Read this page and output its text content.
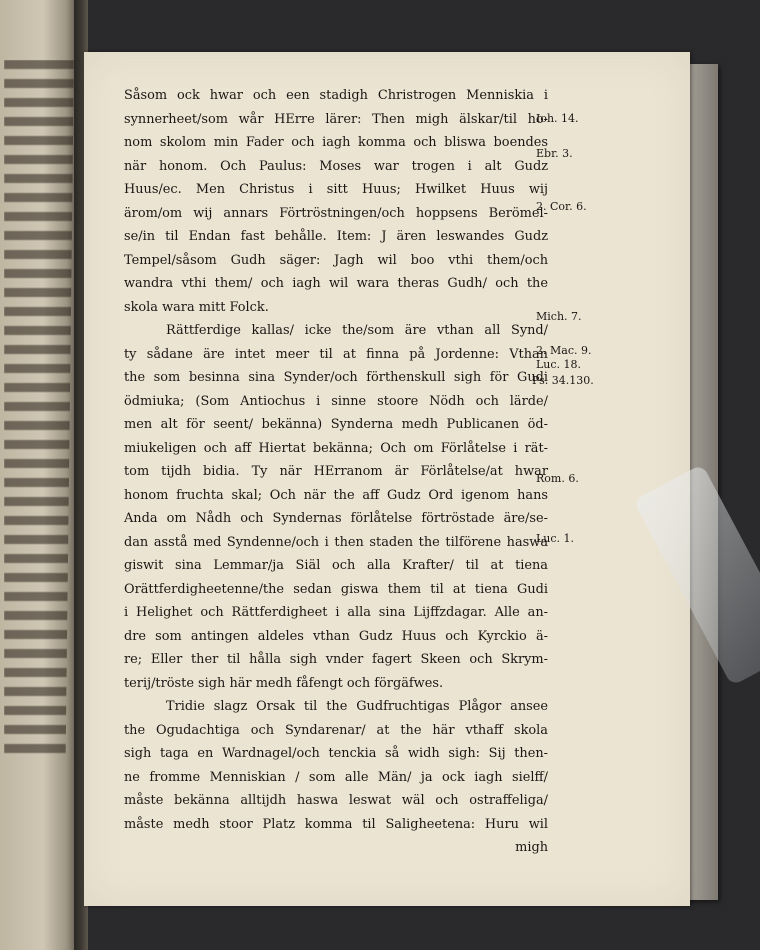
Såsom ock hwar och een stadigh Christrogen Menniskia i
synnerheet/som wår HErre lärer: Then migh älskar/til ho-
nom skolom min Fader och iagh komma och bliswa boendes
när honom. Och Paulus: Moses war trogen i alt Gudz
Huus/ec. Men Christus i sitt Huus; Hwilket Huus wij
ärom/om wij annars Förtröstningen/och hoppsens Berömel-
se/in til Endan fast behålle. Item: J ären leswandes Gudz
Tempel/såsom Gudh säger: Jagh wil boo vthi them/och
wandra vthi them/ och iagh wil wara theras Gudh/ och the
skola wara mitt Folck.
Rättferdige kallas/ icke the/som äre vthan all Synd/
ty sådane äre intet meer til at finna på Jordenne: Vthan
the som besinna sina Synder/och förthenskull sigh för Gudi
ödmiuka; (Som Antiochus i sinne stoore Nödh och lärde/
men alt för seent/ bekänna) Synderna medh Publicanen öd-
miukeligen och aff Hiertat bekänna; Och om Förlåtelse i rät-
tom tijdh bidia. Ty när HErranom är Förlåtelse/at hwar
honom fruchta skal; Och när the aff Gudz Ord igenom hans
Anda om Nådh och Syndernas förlåtelse förtröstade äre/se-
dan asstå med Syndenne/och i then staden the tilförene haswa
giswit sina Lemmar/ja Siäl och alla Krafter/ til at tiena
Orättferdigheetenne/the sedan giswa them til at tiena Gudi
i Helighet och Rättferdigheet i alla sina Lijffzdagar. Alle an-
dre som antingen aldeles vthan Gudz Huus och Kyrckio ä-
re; Eller ther til hålla sigh vnder fagert Skeen och Skrym-
terij/tröste sigh här medh fåfengt och förgäfwes.
Tridie slagz Orsak til the Gudfruchtigas Plågor ansee
the Ogudachtiga och Syndarenar/ at the här vthaff skola
sigh taga en Wardnagel/och tenckia så widh sigh: Sij then-
ne fromme Menniskian / som alle Män/ ja ock iagh sielff/
måste bekänna alltijdh haswa leswat wäl och ostraffeliga/
måste medh stoor Platz komma til Saligheetena: Huru wil
migh
Ioh. 14.
Ebr. 3.
2. Cor. 6.
Mich. 7.
2. Mac. 9.
Luc. 18.
Ps. 34.130.
Rom. 6.
Luc. 1.
